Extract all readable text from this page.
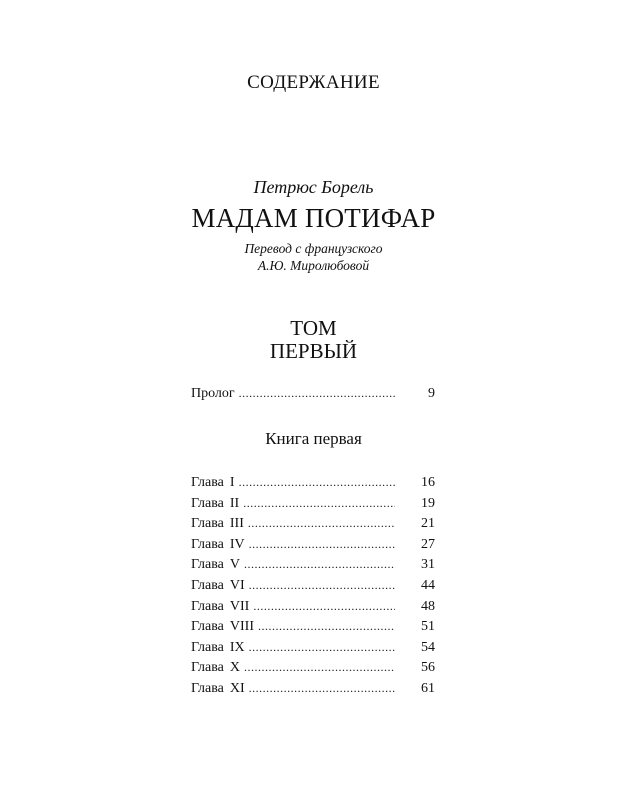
СОДЕРЖАНИЕ
Петрюс Борель
МАДАМ ПОТИФАР
Перевод с французского
А.Ю. Миролюбовой
ТОМ
ПЕРВЫЙ
Пролог .....	9
Книга первая
Глава I .....	16
Глава II .....	19
Глава III .....	21
Глава IV .....	27
Глава V .....	31
Глава VI .....	44
Глава VII .....	48
Глава VIII .....	51
Глава IX .....	54
Глава X .....	56
Глава XI .....	61
